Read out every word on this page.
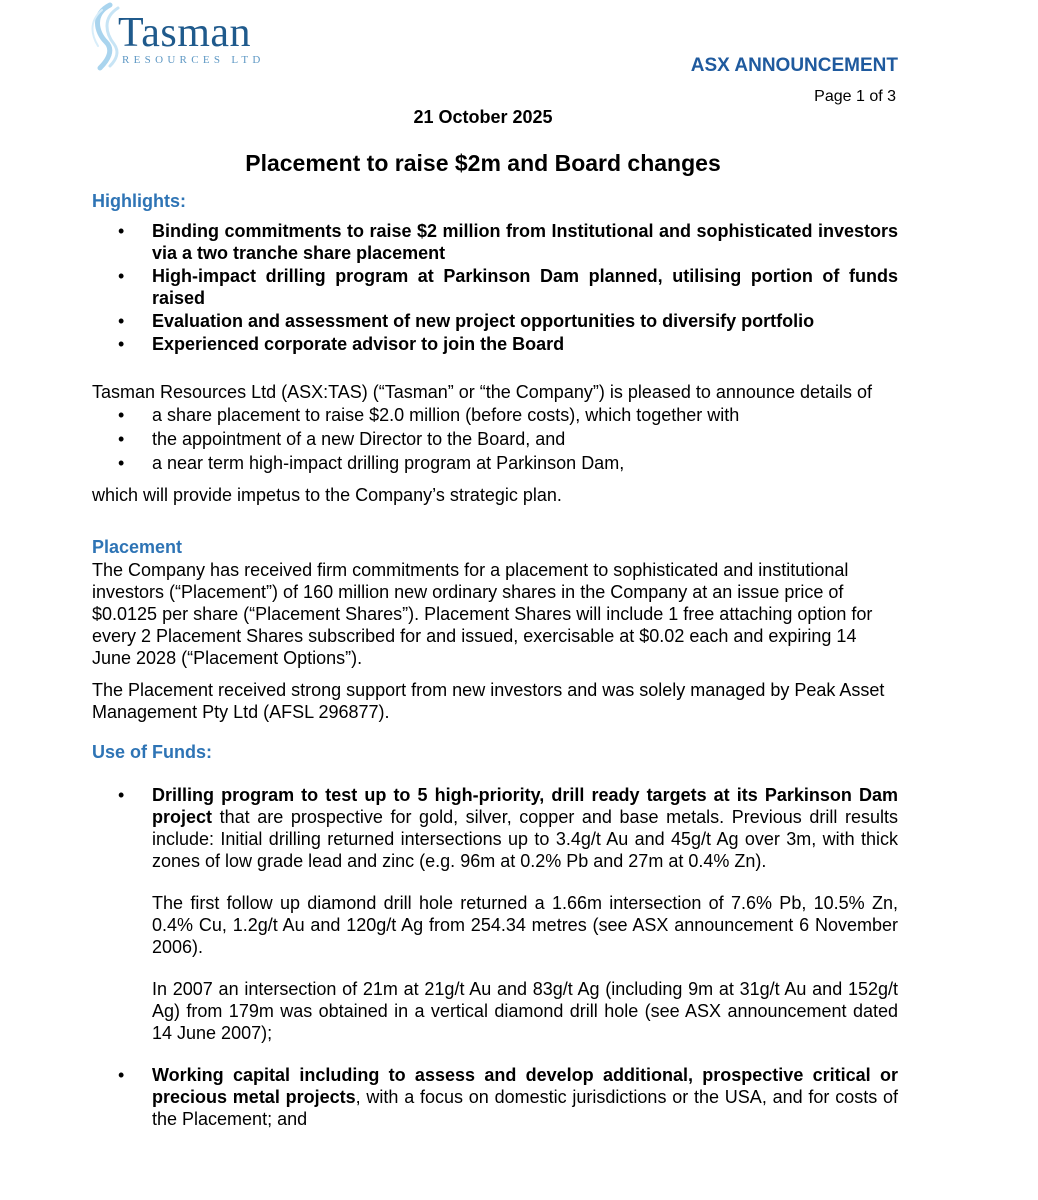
Tasman
RESOURCES LTD	ASX ANNOUNCEMENT
Page 1 of 3
21 October 2025
Placement to raise $2m and Board changes
Highlights:
• Binding commitments to raise $2 million from Institutional and sophisticated investors via a two tranche share placement
• High-impact drilling program at Parkinson Dam planned, utilising portion of funds raised
• Evaluation and assessment of new project opportunities to diversify portfolio
• Experienced corporate advisor to join the Board

Tasman Resources Ltd (ASX:TAS) (“Tasman” or “the Company”) is pleased to announce details of

• a share placement to raise $2.0 million (before costs), which together with
• the appointment of a new Director to the Board, and
• a near term high-impact drilling program at Parkinson Dam,

which will provide impetus to the Company’s strategic plan.

Placement

The Company has received firm commitments for a placement to sophisticated and institutional investors (“Placement”) of 160 million new ordinary shares in the Company at an issue price of $0.0125 per share (“Placement Shares”). Placement Shares will include 1 free attaching option for every 2 Placement Shares subscribed for and issued, exercisable at $0.02 each and expiring 14 June 2028 (“Placement Options”).

The Placement received strong support from new investors and was solely managed by Peak Asset Management Pty Ltd (AFSL 296877).

Use of Funds:
• Drilling program to test up to 5 high-priority, drill ready targets at its Parkinson Dam project that are prospective for gold, silver, copper and base metals. Previous drill results include: Initial drilling returned intersections up to 3.4g/t Au and 45g/t Ag over 3m, with thick zones of low grade lead and zinc (e.g. 96m at 0.2% Pb and 27m at 0.4% Zn).

The first follow up diamond drill hole returned a 1.66m intersection of 7.6% Pb, 10.5% Zn, 0.4% Cu, 1.2g/t Au and 120g/t Ag from 254.34 metres (see ASX announcement 6 November 2006).

In 2007 an intersection of 21m at 21g/t Au and 83g/t Ag (including 9m at 31g/t Au and 152g/t Ag) from 179m was obtained in a vertical diamond drill hole (see ASX announcement dated 14 June 2007);

• Working capital including to assess and develop additional, prospective critical or precious metal projects, with a focus on domestic jurisdictions or the USA, and for costs of the Placement; and
